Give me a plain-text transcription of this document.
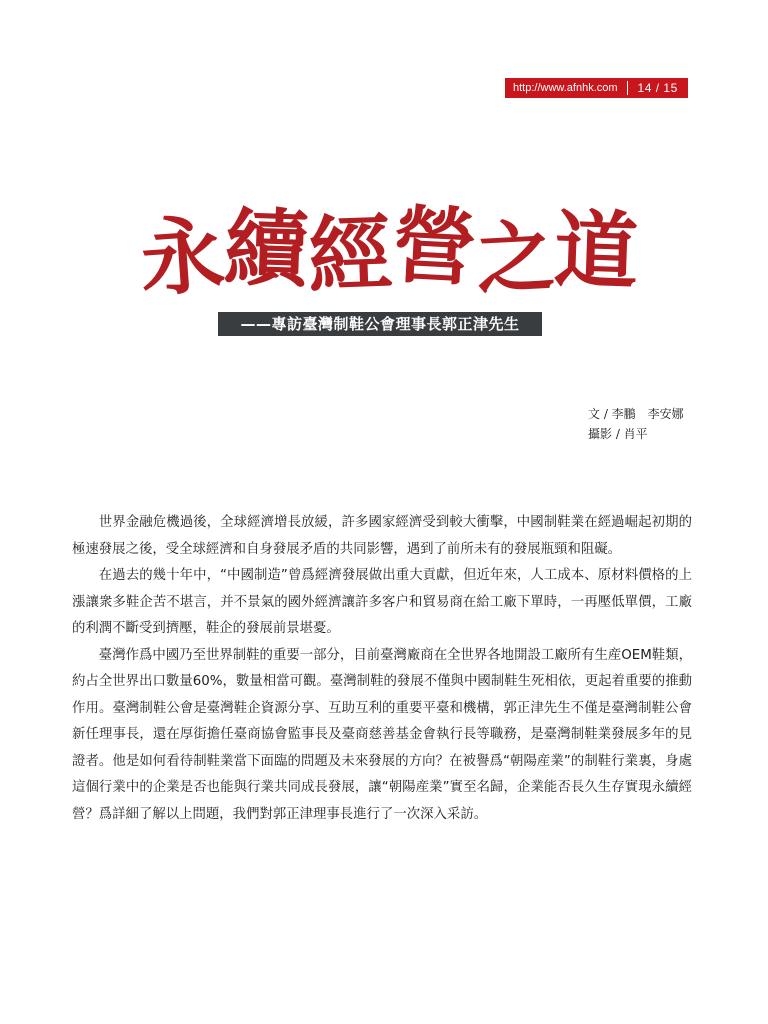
http://www.afnhk.com	14 / 15
永
續
經
營
之
道
——專訪臺灣制鞋公會理事長郭正津先生
文 / 李鵬　李安娜
攝影 / 肖平

世界金融危機過後，全球經濟增長放緩，許多國家經濟受到較大衝擊，中國制鞋業在經過崛起初期的極速發展之後，受全球經濟和自身發展矛盾的共同影響，遇到了前所未有的發展瓶頸和阻礙。

在過去的幾十年中，“中國制造”曾爲經濟發展做出重大貢獻，但近年來，人工成本、原材料價格的上漲讓衆多鞋企苦不堪言，并不景氣的國外經濟讓許多客户和貿易商在給工廠下單時，一再壓低單價，工廠的利潤不斷受到擠壓，鞋企的發展前景堪憂。

臺灣作爲中國乃至世界制鞋的重要一部分，目前臺灣廠商在全世界各地開設工廠所有生産OEM鞋類，約占全世界出口數量60%，數量相當可觀。臺灣制鞋的發展不僅與中國制鞋生死相依，更起着重要的推動作用。臺灣制鞋公會是臺灣鞋企資源分享、互助互利的重要平臺和機構，郭正津先生不僅是臺灣制鞋公會新任理事長，還在厚街擔任臺商協會監事長及臺商慈善基金會執行長等職務，是臺灣制鞋業發展多年的見證者。他是如何看待制鞋業當下面臨的問題及未來發展的方向？在被譽爲“朝陽産業”的制鞋行業裏，身處這個行業中的企業是否也能與行業共同成長發展，讓“朝陽産業”實至名歸，企業能否長久生存實現永續經營？爲詳細了解以上問題，我們對郭正津理事長進行了一次深入采訪。
